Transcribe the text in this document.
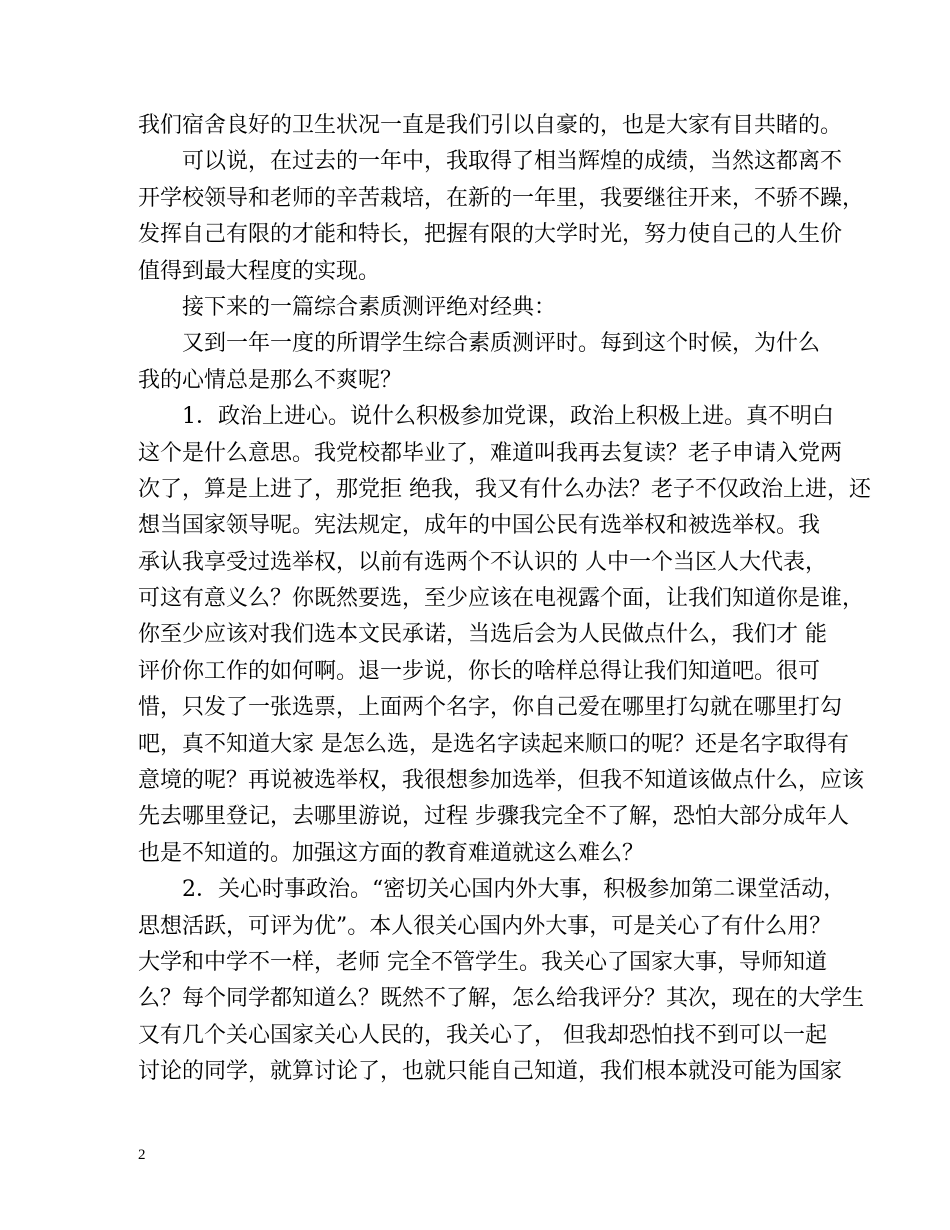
我们宿舍良好的卫生状况一直是我们引以自豪的，也是大家有目共睹的。
可以说，在过去的一年中，我取得了相当辉煌的成绩，当然这都离不
开学校领导和老师的辛苦栽培，在新的一年里，我要继往开来，不骄不躁，
发挥自己有限的才能和特长，把握有限的大学时光，努力使自己的人生价
值得到最大程度的实现。
接下来的一篇综合素质测评绝对经典：
又到一年一度的所谓学生综合素质测评时。每到这个时候，为什么
我的心情总是那么不爽呢？
1．政治上进心。说什么积极参加党课，政治上积极上进。真不明白
这个是什么意思。我党校都毕业了，难道叫我再去复读？老子申请入党两
次了，算是上进了，那党拒 绝我，我又有什么办法？老子不仅政治上进，还
想当国家领导呢。宪法规定，成年的中国公民有选举权和被选举权。我
承认我享受过选举权，以前有选两个不认识的 人中一个当区人大代表，
可这有意义么？你既然要选，至少应该在电视露个面，让我们知道你是谁，
你至少应该对我们选本文民承诺，当选后会为人民做点什么，我们才 能
评价你工作的如何啊。退一步说，你长的啥样总得让我们知道吧。很可
惜，只发了一张选票，上面两个名字，你自己爱在哪里打勾就在哪里打勾
吧，真不知道大家 是怎么选，是选名字读起来顺口的呢？还是名字取得有
意境的呢？再说被选举权，我很想参加选举，但我不知道该做点什么，应该
先去哪里登记，去哪里游说，过程 步骤我完全不了解，恐怕大部分成年人
也是不知道的。加强这方面的教育难道就这么难么？
2．关心时事政治。“密切关心国内外大事，积极参加第二课堂活动，
思想活跃，可评为优”。本人很关心国内外大事，可是关心了有什么用？
大学和中学不一样，老师 完全不管学生。我关心了国家大事，导师知道
么？每个同学都知道么？既然不了解，怎么给我评分？其次，现在的大学生
又有几个关心国家关心人民的，我关心了， 但我却恐怕找不到可以一起
讨论的同学，就算讨论了，也就只能自己知道，我们根本就没可能为国家
2
